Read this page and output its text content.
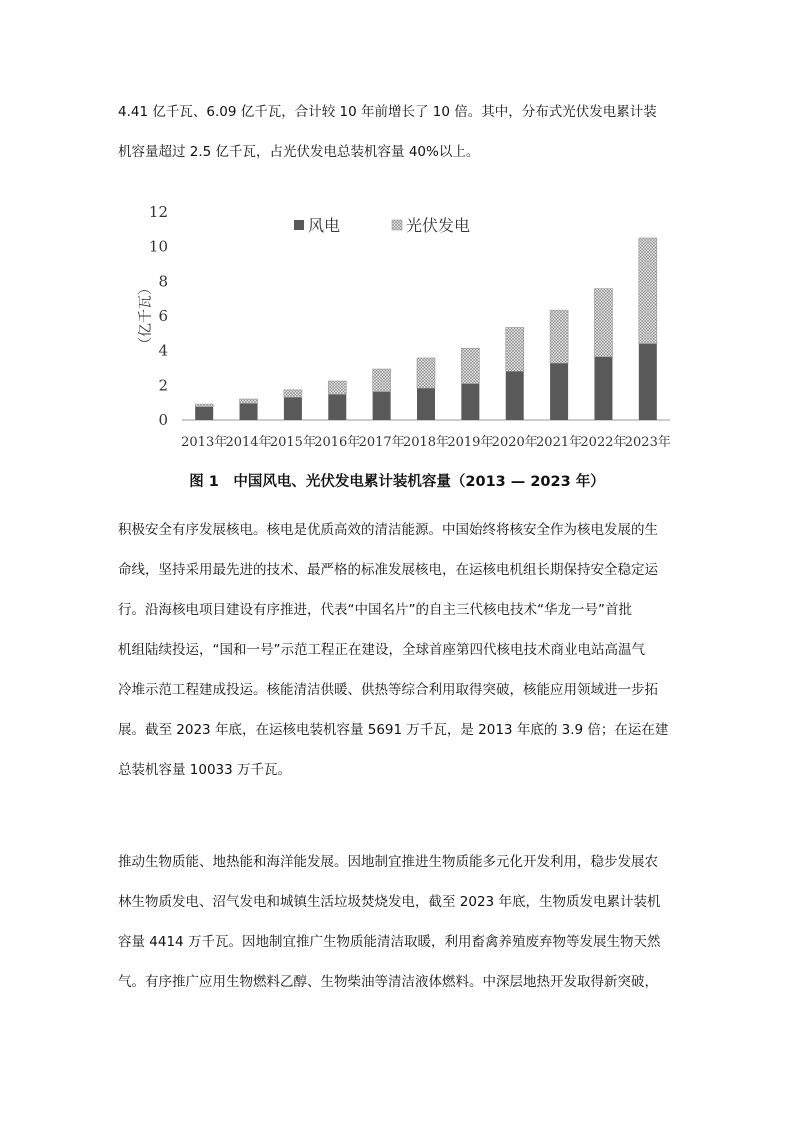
4.41 亿千瓦、6.09 亿千瓦，合计较 10 年前增长了 10 倍。其中，分布式光伏发电累计装
机容量超过 2.5 亿千瓦，占光伏发电总装机容量 40%以上。
0
2
4
6
8
10
12
（亿千瓦）
2013年
2014年
2015年
2016年
2017年
2018年
2019年
2020年
2021年
2022年
2023年
风电	光伏发电
图 1　中国风电、光伏发电累计装机容量（2013 — 2023 年）
积极安全有序发展核电。核电是优质高效的清洁能源。中国始终将核安全作为核电发展的生
命线，坚持采用最先进的技术、最严格的标准发展核电，在运核电机组长期保持安全稳定运
行。沿海核电项目建设有序推进，代表“中国名片”的自主三代核电技术“华龙一号”首批
机组陆续投运，“国和一号”示范工程正在建设，全球首座第四代核电技术商业电站高温气
冷堆示范工程建成投运。核能清洁供暖、供热等综合利用取得突破，核能应用领域进一步拓
展。截至 2023 年底，在运核电装机容量 5691 万千瓦，是 2013 年底的 3.9 倍；在运在建
总装机容量 10033 万千瓦。
推动生物质能、地热能和海洋能发展。因地制宜推进生物质能多元化开发利用，稳步发展农
林生物质发电、沼气发电和城镇生活垃圾焚烧发电，截至 2023 年底，生物质发电累计装机
容量 4414 万千瓦。因地制宜推广生物质能清洁取暖，利用畜禽养殖废弃物等发展生物天然
气。有序推广应用生物燃料乙醇、生物柴油等清洁液体燃料。中深层地热开发取得新突破，
